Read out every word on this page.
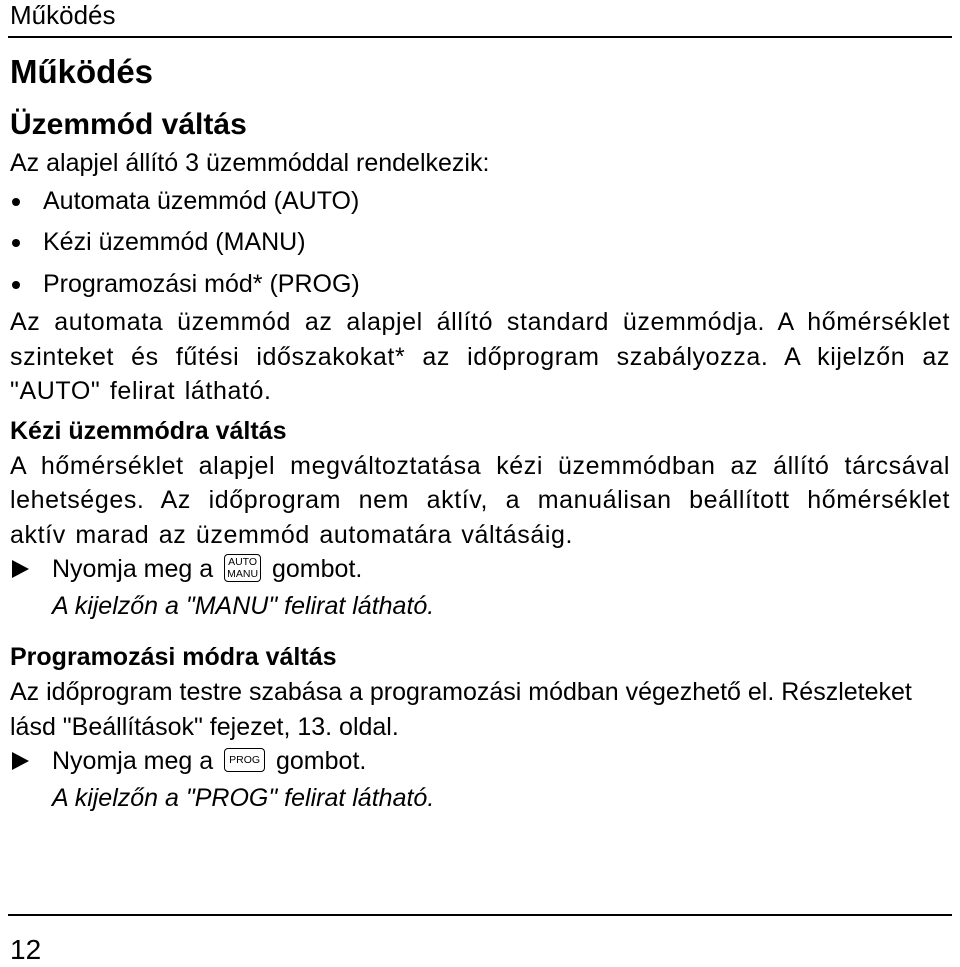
Működés
Működés
Üzemmód váltás

Az alapjel állító 3 üzemmóddal rendelkezik:

Automata üzemmód (AUTO)
Kézi üzemmód (MANU)
Programozási mód* (PROG)

Az automata üzemmód az alapjel állító standard üzemmódja. A hőmérséklet szinteket és fűtési időszakokat* az időprogram szabályozza. A kijelzőn az "AUTO" felirat látható.

Kézi üzemmódra váltás

A hőmérséklet alapjel megváltoztatása kézi üzemmódban az állító tárcsával lehetséges. Az időprogram nem aktív, a manuálisan beállított hőmérséklet aktív marad az üzemmód automatára váltásáig.

Nyomja meg a AUTO
MANU gombot.
A kijelzőn a "MANU" felirat látható.
Programozási módra váltás

Az időprogram testre szabása a programozási módban végezhető el. Részleteket lásd "Beállítások" fejezet, 13. oldal.

Nyomja meg a PROG gombot.
A kijelzőn a "PROG" felirat látható.
12
